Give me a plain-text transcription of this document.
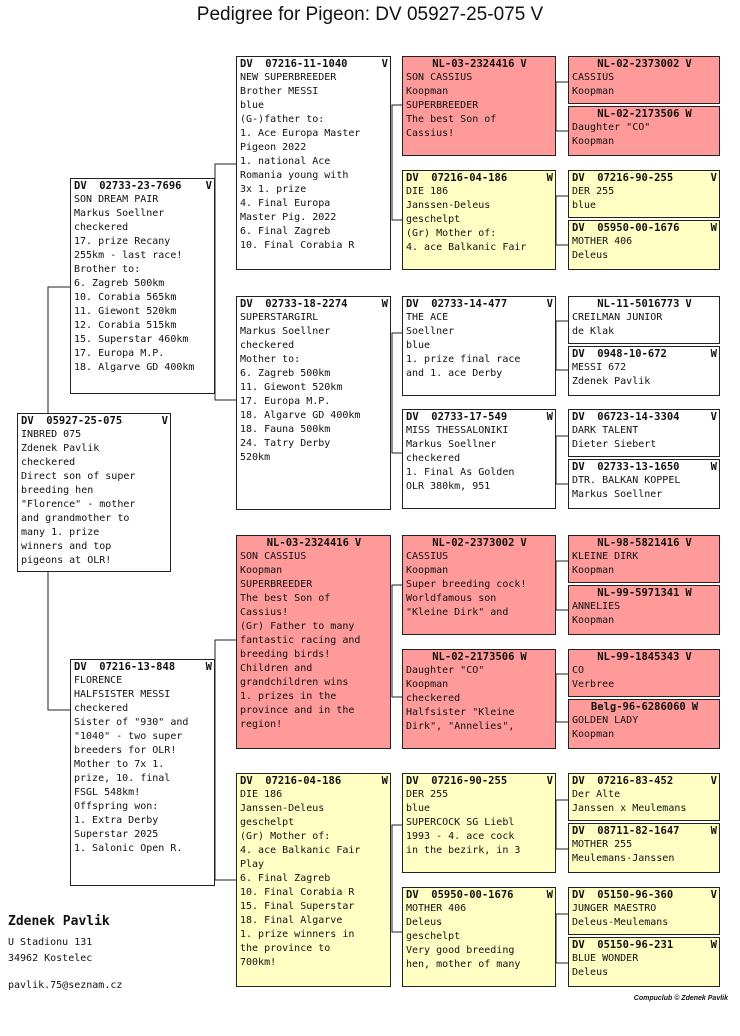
Pedigree for Pigeon: DV 05927-25-075 V
DV  05927-25-075	V
INBRED 075
Zdenek Pavlik
checkered
Direct son of super
breeding hen
"Florence" - mother
and grandmother to
many 1. prize
winners and top
pigeons at OLR!
DV  02733-23-7696 V
SON DREAM PAIR
Markus Soellner
checkered
17. prize Recany
255km - last race!
Brother to:
6. Zagreb 500km
10. Corabia 565km
11. Giewont 520km
12. Corabia 515km
15. Superstar 460km
17. Europa M.P.
18. Algarve GD 400km
DV  07216-13-848	W
FLORENCE
HALFSISTER MESSI
checkered
Sister of "930" and
"1040" - two super
breeders for OLR!
Mother to 7x 1.
prize, 10. final
FSGL 548km!
Offspring won:
1. Extra Derby
Superstar 2025
1. Salonic Open R.
DV  07216-11-1040	V
NEW SUPERBREEDER
Brother MESSI
blue
(G-)father to:
1. Ace Europa Master
Pigeon 2022
1. national Ace
Romania young with
3x 1. prize
4. Final Europa
Master Pig. 2022
6. Final Zagreb
10. Final Corabia R
DV  02733-18-2274	W
SUPERSTARGIRL
Markus Soellner
checkered
Mother to:
6. Zagreb 500km
11. Giewont 520km
17. Europa M.P.
18. Algarve GD 400km
18. Fauna 500km
24. Tatry Derby
520km
NL-03-2324416 V
SON CASSIUS
Koopman
SUPERBREEDER
The best Son of
Cassius!
(Gr) Father to many
fantastic racing and
breeding birds!
Children and
grandchildren wins
1. prizes in the
province and in the
region!
DV  07216-04-186	W
DIE 186
Janssen-Deleus
geschelpt
(Gr) Mother of:
4. ace Balkanic Fair
Play
6. Final Zagreb
10. Final Corabia R
15. Final Superstar
18. Final Algarve
1. prize winners in
the province to
700km!
NL-03-2324416 V
SON CASSIUS
Koopman
SUPERBREEDER
The best Son of
Cassius!
DV  07216-04-186	W
DIE 186
Janssen-Deleus
geschelpt
(Gr) Mother of:
4. ace Balkanic Fair
DV  02733-14-477	V
THE ACE
Soellner
blue
1. prize final race
and 1. ace Derby
DV  02733-17-549	W
MISS THESSALONIKI
Markus Soellner
checkered
1. Final As Golden
OLR 380km, 951
NL-02-2373002 V
CASSIUS
Koopman
Super breeding cock!
Worldfamous son
"Kleine Dirk" and
NL-02-2173506 W
Daughter "CO"
Koopman
checkered
Halfsister "Kleine
Dirk", "Annelies",
DV  07216-90-255	V
DER 255
blue
SUPERCOCK SG Liebl
1993 - 4. ace cock
in the bezirk, in 3
DV  05950-00-1676	W
MOTHER 406
Deleus
geschelpt
Very good breeding
hen, mother of many
NL-02-2373002 V
CASSIUS
Koopman
NL-02-2173506 W
Daughter "CO"
Koopman
DV  07216-90-255	V
DER 255
blue
DV  05950-00-1676	W
MOTHER 406
Deleus
NL-11-5016773 V
CREILMAN JUNIOR
de Klak
DV  0948-10-672	W
MESSI 672
Zdenek Pavlik
DV  06723-14-3304	V
DARK TALENT
Dieter Siebert
DV  02733-13-1650	W
DTR. BALKAN KOPPEL
Markus Soellner
NL-98-5821416 V
KLEINE DIRK
Koopman
NL-99-5971341 W
ANNELIES
Koopman
NL-99-1845343 V
CO
Verbree
Belg-96-6286060 W
GOLDEN LADY
Koopman
DV  07216-83-452	V
Der Alte
Janssen x Meulemans
DV  08711-82-1647	W
MOTHER 255
Meulemans-Janssen
DV  05150-96-360	V
JUNGER MAESTRO
Deleus-Meulemans
DV  05150-96-231	W
BLUE WONDER
Deleus
Zdenek Pavlik
U Stadionu 131
34962 Kostelec
pavlik.75@seznam.cz
Compuclub © Zdenek Pavlik
